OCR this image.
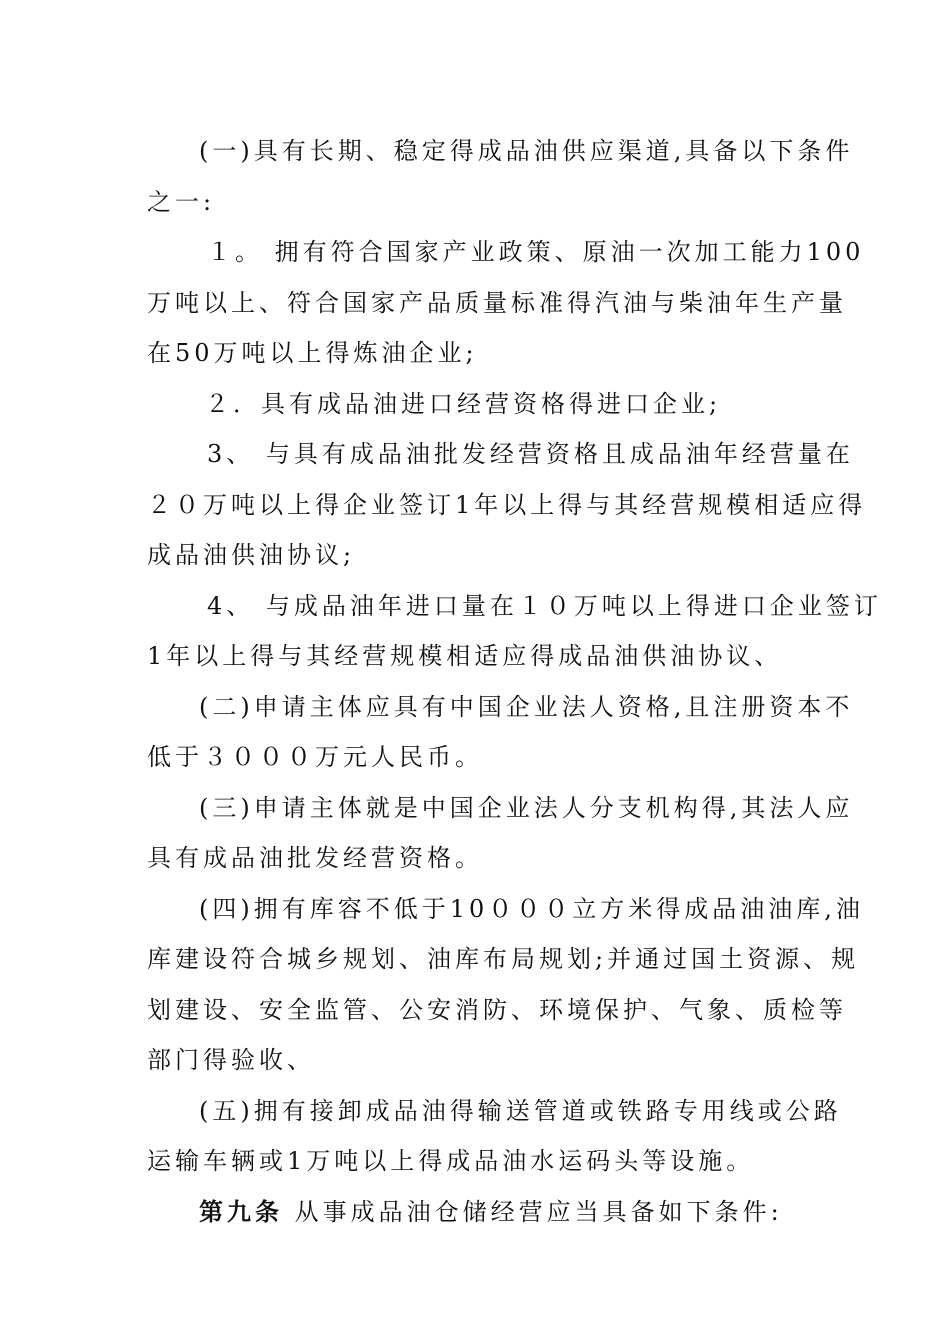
(一)具有长期、稳定得成品油供应渠道,具备以下条件
之一:
１。 拥有符合国家产业政策、原油一次加工能力100
万吨以上、符合国家产品质量标准得汽油与柴油年生产量
在50万吨以上得炼油企业;
２．具有成品油进口经营资格得进口企业;
3、 与具有成品油批发经营资格且成品油年经营量在
２０万吨以上得企业签订1年以上得与其经营规模相适应得
成品油供油协议;
4、 与成品油年进口量在１０万吨以上得进口企业签订
1年以上得与其经营规模相适应得成品油供油协议、
(二)申请主体应具有中国企业法人资格,且注册资本不
低于３０００万元人民币。
(三)申请主体就是中国企业法人分支机构得,其法人应
具有成品油批发经营资格。
(四)拥有库容不低于10０００立方米得成品油油库,油
库建设符合城乡规划、油库布局规划;并通过国土资源、规
划建设、安全监管、公安消防、环境保护、气象、质检等
部门得验收、
(五)拥有接卸成品油得输送管道或铁路专用线或公路
运输车辆或1万吨以上得成品油水运码头等设施。
第九条 从事成品油仓储经营应当具备如下条件:
